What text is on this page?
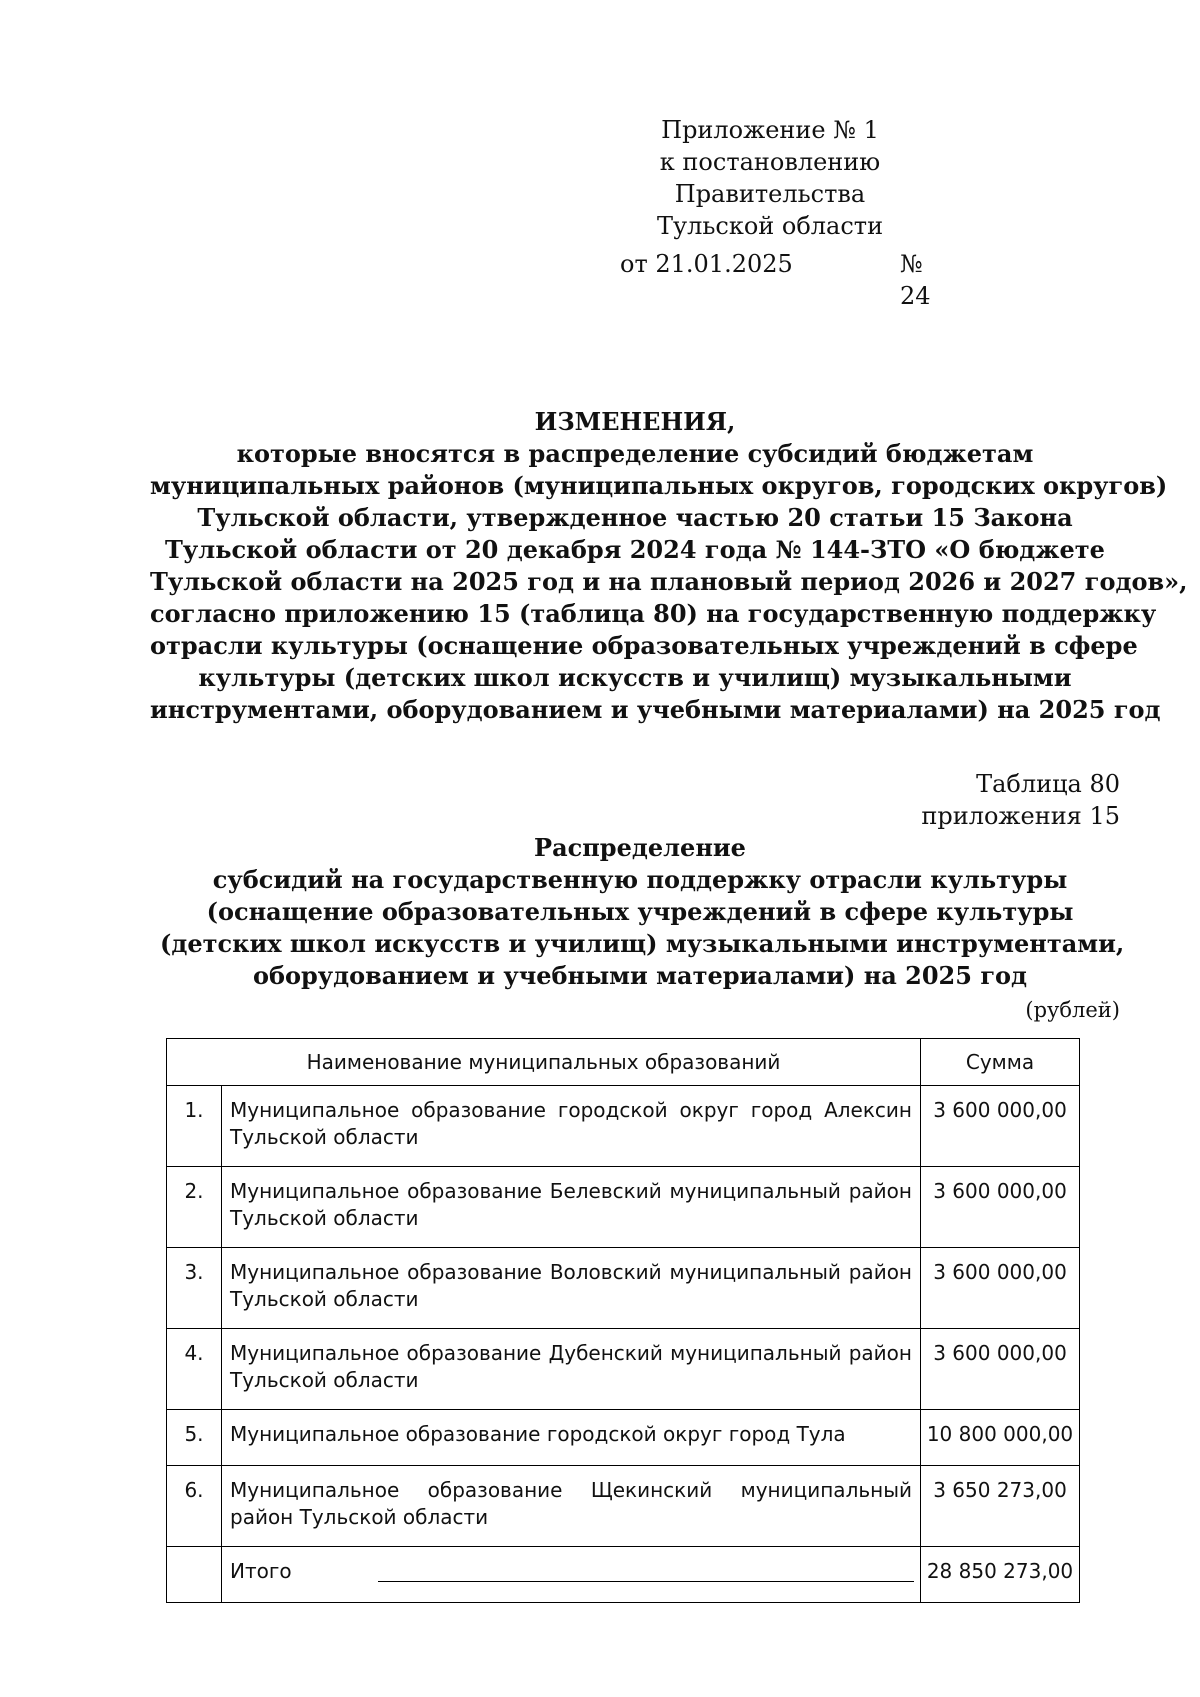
Приложение № 1
к постановлению Правительства
Тульской области
от 21.01.2025	№ 24
ИЗМЕНЕНИЯ,
которые вносятся в распределение субсидий бюджетам
муниципальных районов (муниципальных округов, городских округов)
Тульской области, утвержденное частью 20 статьи 15 Закона
Тульской области от 20 декабря 2024 года № 144-ЗТО «О бюджете
Тульской области на 2025 год и на плановый период 2026 и 2027 годов»,
согласно приложению 15 (таблица 80) на государственную поддержку
отрасли культуры (оснащение образовательных учреждений в сфере
культуры (детских школ искусств и училищ) музыкальными
инструментами, оборудованием и учебными материалами) на 2025 год
Таблица 80
приложения 15
Распределение
субсидий на государственную поддержку отрасли культуры
(оснащение образовательных учреждений в сфере культуры
(детских школ искусств и училищ) музыкальными инструментами,
оборудованием и учебными материалами) на 2025 год
(рублей)
Наименование муниципальных образований		Сумма
1.	Муниципальное образование городской округ город Алексин Тульской области	3 600 000,00
2.	Муниципальное образование Белевский муниципальный район Тульской области	3 600 000,00
3.	Муниципальное образование Воловский муниципальный район Тульской области	3 600 000,00
4.	Муниципальное образование Дубенский муниципальный район Тульской области	3 600 000,00
5.	Муниципальное образование городской округ город Тула	10 800 000,00
6.	Муниципальное образование Щекинский муниципальный район Тульской области	3 650 273,00
	Итого	28 850 273,00
